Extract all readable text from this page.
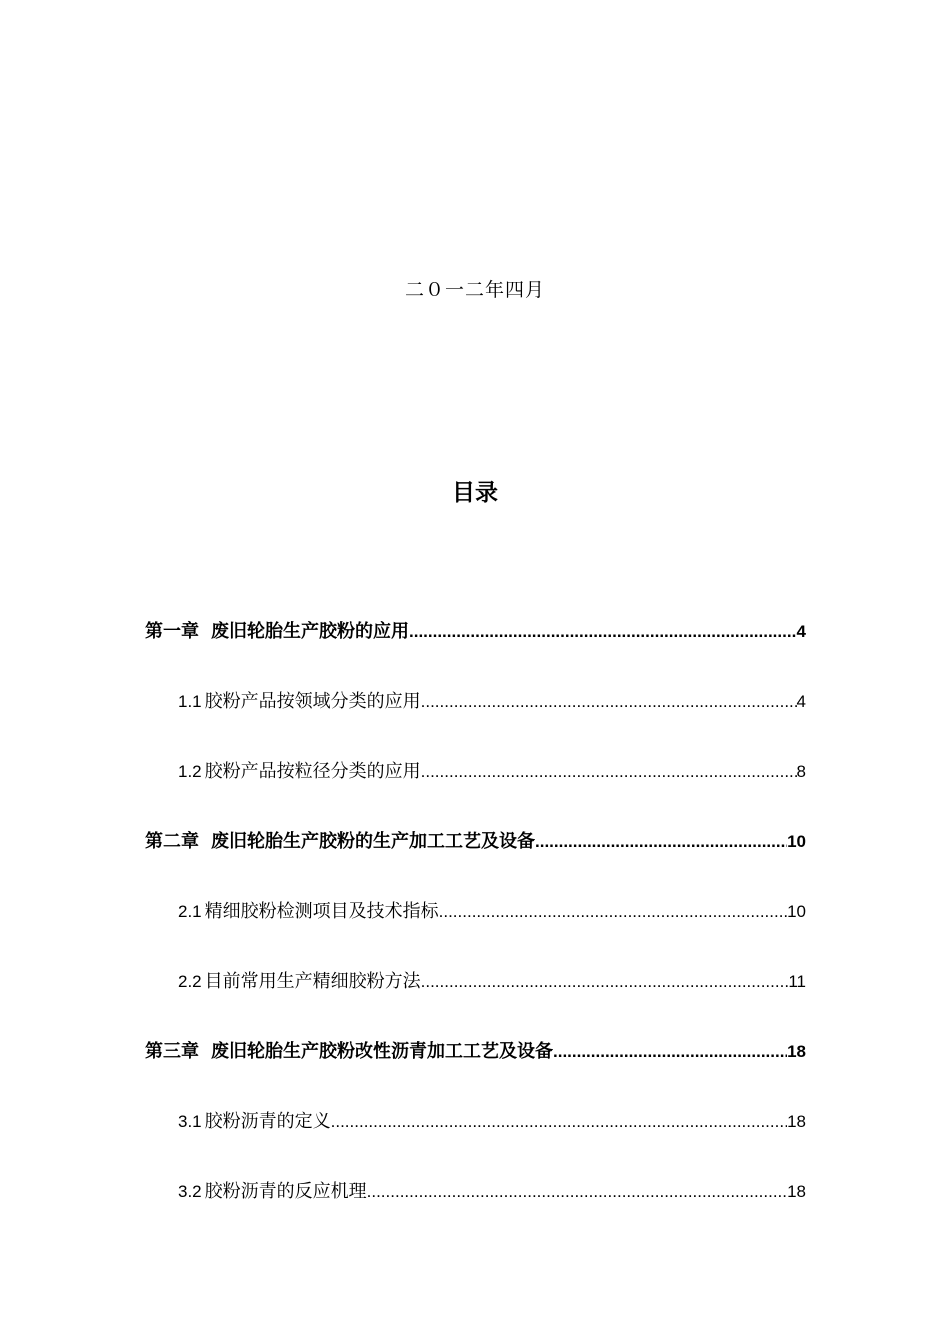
二０一二年四月
目录
第一章 废旧轮胎生产胶粉的应用 .....	4
1.1 胶粉产品按领域分类的应用 .....	4
1.2 胶粉产品按粒径分类的应用 .....	8
第二章 废旧轮胎生产胶粉的生产加工工艺及设备 .....	10
2.1 精细胶粉检测项目及技术指标 .....	10
2.2 目前常用生产精细胶粉方法 .....	11
第三章 废旧轮胎生产胶粉改性沥青加工工艺及设备 .....	18
3.1 胶粉沥青的定义 .....	18
3.2 胶粉沥青的反应机理 .....	18
